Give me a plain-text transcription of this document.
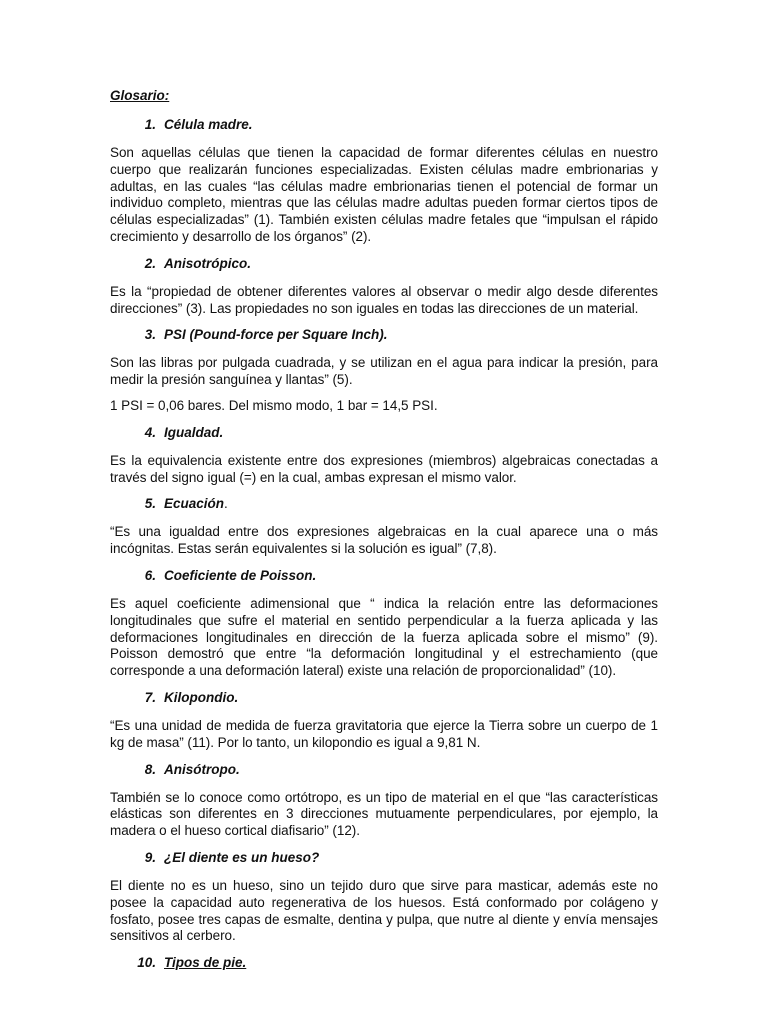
Glosario:
1. Célula madre.

Son aquellas células que tienen la capacidad de formar diferentes células en nuestro cuerpo que realizarán funciones especializadas. Existen células madre embrionarias y adultas, en las cuales “las células madre embrionarias tienen el potencial de formar un individuo completo, mientras que las células madre adultas pueden formar ciertos tipos de células especializadas” (1). También existen células madre fetales que “impulsan el rápido crecimiento y desarrollo de los órganos” (2).

2. Anisotrópico.

Es la “propiedad de obtener diferentes valores al observar o medir algo desde diferentes direcciones” (3). Las propiedades no son iguales en todas las direcciones de un material.

3. PSI (Pound-force per Square Inch).

Son las libras por pulgada cuadrada, y se utilizan en el agua para indicar la presión, para medir la presión sanguínea y llantas” (5).

1 PSI = 0,06 bares. Del mismo modo, 1 bar = 14,5 PSI.

4. Igualdad.

Es la equivalencia existente entre dos expresiones (miembros) algebraicas conectadas a través del signo igual (=) en la cual, ambas expresan el mismo valor.

5. Ecuación.

“Es una igualdad entre dos expresiones algebraicas en la cual aparece una o más incógnitas. Estas serán equivalentes si la solución es igual” (7,8).

6. Coeficiente de Poisson.

Es aquel coeficiente adimensional que “ indica la relación entre las deformaciones longitudinales que sufre el material en sentido perpendicular a la fuerza aplicada y las deformaciones longitudinales en dirección de la fuerza aplicada sobre el mismo” (9). Poisson demostró que entre “la deformación longitudinal y el estrechamiento (que corresponde a una deformación lateral) existe una relación de proporcionalidad” (10).

7. Kilopondio.

“Es una unidad de medida de fuerza gravitatoria que ejerce la Tierra sobre un cuerpo de 1 kg de masa” (11). Por lo tanto, un kilopondio es igual a 9,81 N.

8. Anisótropo.

También se lo conoce como ortótropo, es un tipo de material en el que “las características elásticas son diferentes en 3 direcciones mutuamente perpendiculares, por ejemplo, la madera o el hueso cortical diafisario” (12).

9. ¿El diente es un hueso?

El diente no es un hueso, sino un tejido duro que sirve para masticar, además este no posee la capacidad auto regenerativa de los huesos. Está conformado por colágeno y fosfato, posee tres capas de esmalte, dentina y pulpa, que nutre al diente y envía mensajes sensitivos al cerbero.

10. Tipos de pie.
